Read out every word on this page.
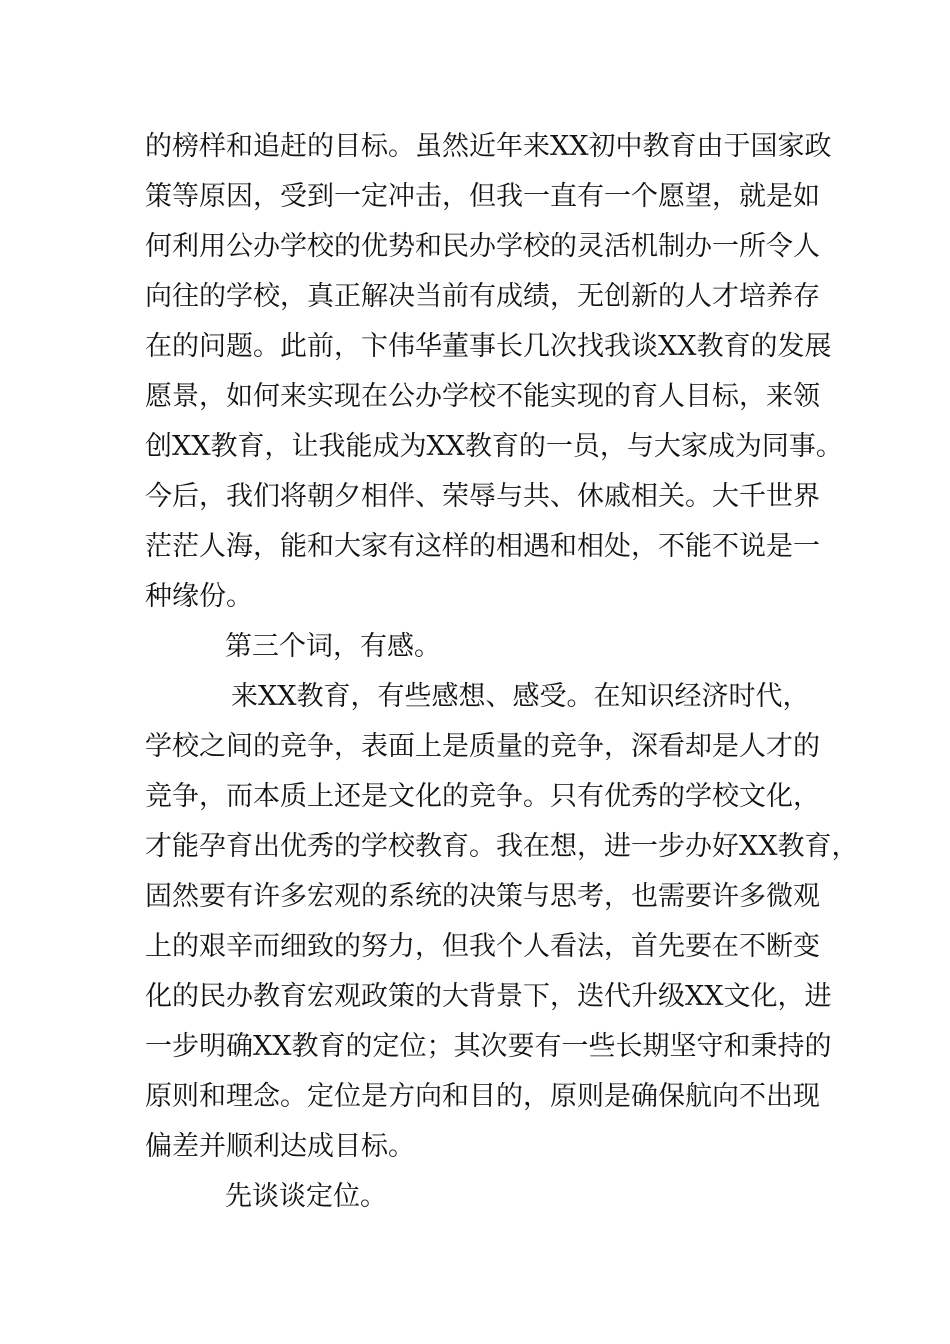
的榜样和追赶的目标。虽然近年来XX初中教育由于国家政
策等原因，受到一定冲击，但我一直有一个愿望，就是如
何利用公办学校的优势和民办学校的灵活机制办一所令人
向往的学校，真正解决当前有成绩，无创新的人才培养存
在的问题。此前，卞伟华董事长几次找我谈XX教育的发展
愿景，如何来实现在公办学校不能实现的育人目标，来领
创XX教育，让我能成为XX教育的一员，与大家成为同事。
今后，我们将朝夕相伴、荣辱与共、休戚相关。大千世界
茫茫人海，能和大家有这样的相遇和相处，不能不说是一
种缘份。
第三个词，有感。
来XX教育，有些感想、感受。在知识经济时代，
学校之间的竞争，表面上是质量的竞争，深看却是人才的
竞争，而本质上还是文化的竞争。只有优秀的学校文化，
才能孕育出优秀的学校教育。我在想，进一步办好XX教育，
固然要有许多宏观的系统的决策与思考，也需要许多微观
上的艰辛而细致的努力，但我个人看法，首先要在不断变
化的民办教育宏观政策的大背景下，迭代升级XX文化，进
一步明确XX教育的定位；其次要有一些长期坚守和秉持的
原则和理念。定位是方向和目的，原则是确保航向不出现
偏差并顺利达成目标。
先谈谈定位。
